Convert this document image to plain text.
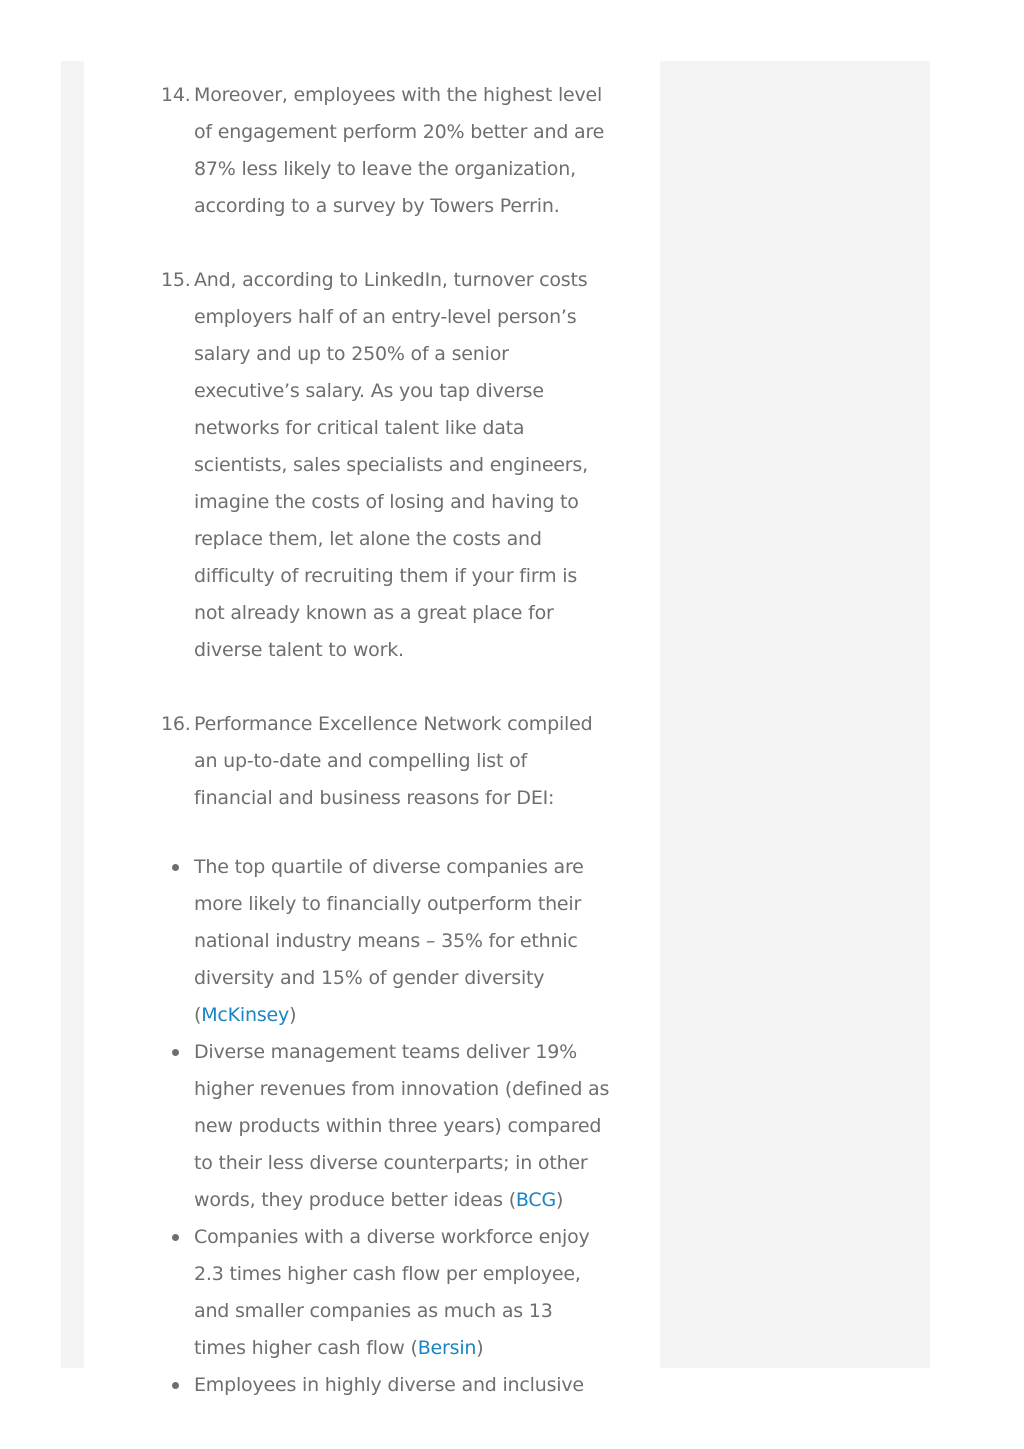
14. Moreover, employees with the highest level of engagement perform 20% better and are 87% less likely to leave the organization, according to a survey by Towers Perrin.
15. And, according to LinkedIn, turnover costs employers half of an entry-level person’s salary and up to 250% of a senior executive’s salary. As you tap diverse networks for critical talent like data scientists, sales specialists and engineers, imagine the costs of losing and having to replace them, let alone the costs and difficulty of recruiting them if your firm is not already known as a great place for diverse talent to work.
16. Performance Excellence Network compiled an up-to-date and compelling list of financial and business reasons for DEI:
The top quartile of diverse companies are more likely to financially outperform their national industry means – 35% for ethnic diversity and 15% of gender diversity (McKinsey)
Diverse management teams deliver 19% higher revenues from innovation (defined as new products within three years) compared to their less diverse counterparts; in other words, they produce better ideas (BCG)
Companies with a diverse workforce enjoy 2.3 times higher cash flow per employee, and smaller companies as much as 13 times higher cash flow (Bersin)
Employees in highly diverse and inclusive
